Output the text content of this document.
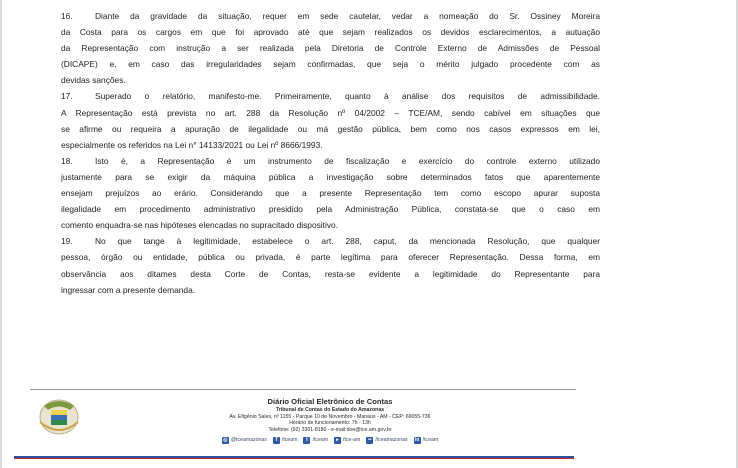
16.	Diante da gravidade da situação, requer em sede cautelar, vedar a nomeação do Sr. Ossiney Moreira
da Costa para os cargos em que foi aprovado até que sejam realizados os devidos esclarecimentos, a autuação
da Representação com instrução a ser realizada pela Diretoria de Controle Externo de Admissões de Pessoal
(DICAPE) e, em caso das irregularidades sejam confirmadas, que seja o mérito julgado procedente com as
devidas sanções.
17.	Superado o relatório, manifesto-me. Primeiramente, quanto à análise dos requisitos de admissibilidade.
A Representação está prevista no art. 288 da Resolução nº 04/2002 – TCE/AM, sendo cabível em situações que
se afirme ou requeira a apuração de ilegalidade ou má gestão pública, bem como nos casos expressos em lei,
especialmente os referidos na Lei n° 14133/2021 ou Lei nº 8666/1993.
18.	Isto é, a Representação é um instrumento de fiscalização e exercício do controle externo utilizado
justamente para se exigir da máquina pública a investigação sobre determinados fatos que aparentemente
ensejam prejuízos ao erário. Considerando que a presente Representação tem como escopo apurar suposta
ilegalidade em procedimento administrativo presidido pela Administração Pública, constata-se que o caso em
comento enquadra-se nas hipóteses elencadas no supracitado dispositivo.
19.	No que tange à legitimidade, estabelece o art. 288, caput, da mencionada Resolução, que qualquer
pessoa, órgão ou entidade, pública ou privada, é parte legítima para oferecer Representação. Dessa forma, em
observância aos ditames desta Corte de Contas, resta-se evidente a legitimidade do Representante para
ingressar com a presente demanda.
Diário Oficial Eletrônico de Contas
Tribunal de Contas do Estado do Amazonas
Av. Efigênio Sales, nº 1155 - Parque 10 de Novembro - Manaus - AM - CEP: 69055-736
Horário de funcionamento: 7h - 13h
Telefone: (92) 3301-8180 - e-mail:doe@tce.am.gov.br
◎ @tceamazonas	f /tceam	t /tceam	▸ /tce-am	•• /tceamazonas in /tceam
